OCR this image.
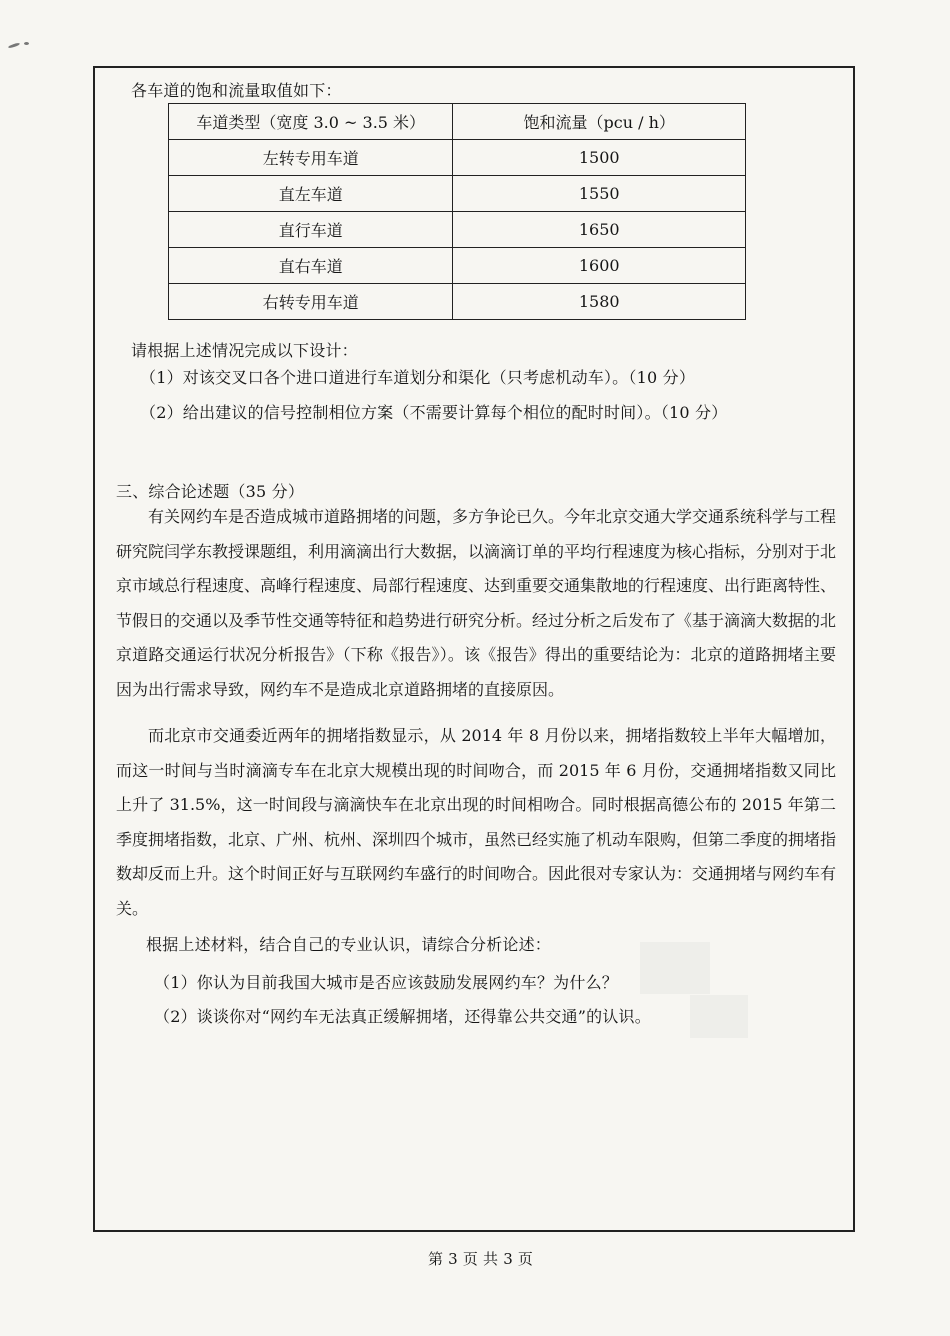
各车道的饱和流量取值如下：
车道类型（宽度 3.0 ~ 3.5 米）	饱和流量（pcu / h）
左转专用车道	1500
直左车道	1550
直行车道	1650
直右车道	1600
右转专用车道	1580
请根据上述情况完成以下设计：
（1）对该交叉口各个进口道进行车道划分和渠化（只考虑机动车）。（10 分）
（2）给出建议的信号控制相位方案（不需要计算每个相位的配时时间）。（10 分）
三、综合论述题（35 分）
有关网约车是否造成城市道路拥堵的问题，多方争论已久。今年北京交通大学交通系统科学与工程研究院闫学东教授课题组，利用滴滴出行大数据，以滴滴订单的平均行程速度为核心指标，分别对于北京市域总行程速度、高峰行程速度、局部行程速度、达到重要交通集散地的行程速度、出行距离特性、节假日的交通以及季节性交通等特征和趋势进行研究分析。经过分析之后发布了《基于滴滴大数据的北京道路交通运行状况分析报告》（下称《报告》）。该《报告》得出的重要结论为：北京的道路拥堵主要因为出行需求导致，网约车不是造成北京道路拥堵的直接原因。
而北京市交通委近两年的拥堵指数显示，从 2014 年 8 月份以来，拥堵指数较上半年大幅增加，而这一时间与当时滴滴专车在北京大规模出现的时间吻合，而 2015 年 6 月份，交通拥堵指数又同比上升了 31.5%，这一时间段与滴滴快车在北京出现的时间相吻合。同时根据高德公布的 2015 年第二季度拥堵指数，北京、广州、杭州、深圳四个城市，虽然已经实施了机动车限购，但第二季度的拥堵指数却反而上升。这个时间正好与互联网约车盛行的时间吻合。因此很对专家认为：交通拥堵与网约车有关。
根据上述材料，结合自己的专业认识，请综合分析论述：
（1）你认为目前我国大城市是否应该鼓励发展网约车？为什么？
（2）谈谈你对“网约车无法真正缓解拥堵，还得靠公共交通”的认识。
第 3 页 共 3 页
